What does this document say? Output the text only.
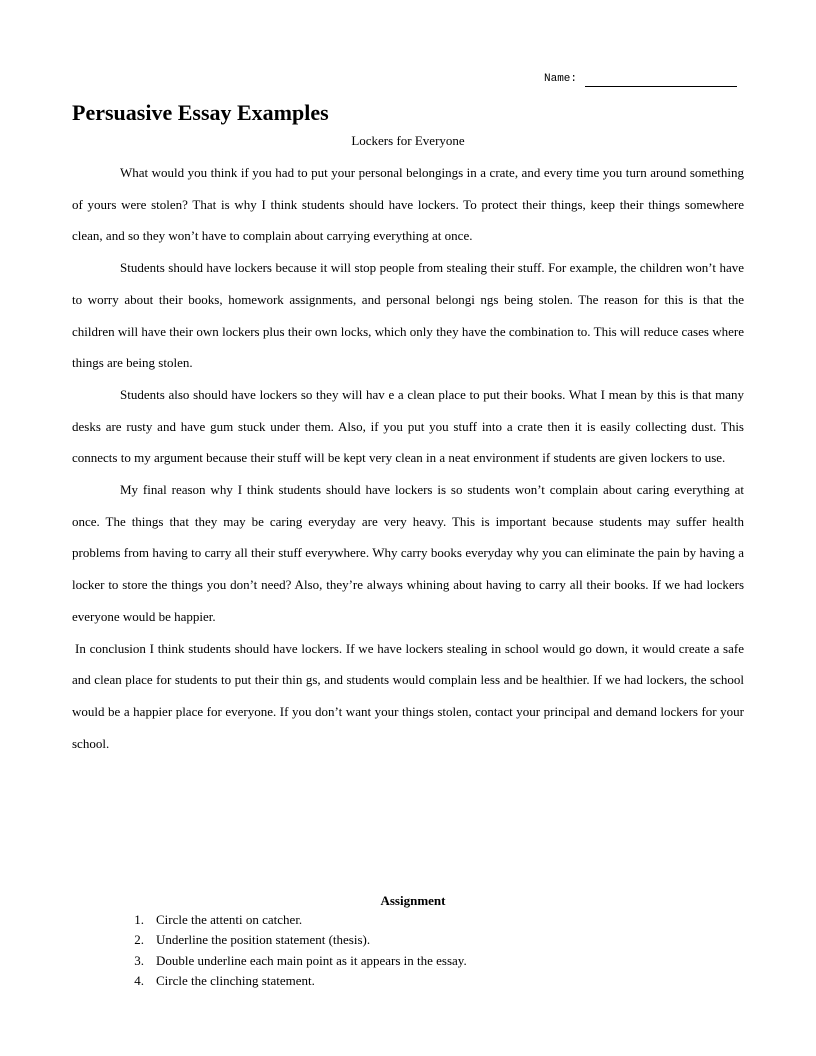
Name:
Persuasive Essay Examples
Lockers for Everyone

What would you think if you had to put your personal belongings in a crate, and every time you turn around something of yours were stolen? That is why I think students should have lockers. To protect their things, keep their things somewhere clean, and so they won’t have to complain about carrying everything at once.

Students should have lockers because it will stop people from stealing their stuff. For example, the children won’t have to worry about their books, homework assignments, and personal belongi ngs being stolen. The reason for this is that the children will have their own lockers plus their own locks, which only they have the combination to. This will reduce cases where things are being stolen.

Students also should have lockers so they will hav e a clean place to put their books. What I mean by this is that many desks are rusty and have gum stuck under them. Also, if you put you stuff into a crate then it is easily collecting dust. This connects to my argument because their stuff will be kept very clean in a neat environment if students are given lockers to use.

My final reason why I think students should have lockers is so students won’t complain about caring everything at once. The things that they may be caring everyday are very heavy. This is important because students may suffer health problems from having to carry all their stuff everywhere. Why carry books everyday why you can eliminate the pain by having a locker to store the things you don’t need? Also, they’re always whining about having to carry all their books. If we had lockers everyone would be happier.

In conclusion I think students should have lockers. If we have lockers stealing in school would go down, it would create a safe and clean place for students to put their thin gs, and students would complain less and be healthier. If we had lockers, the school would be a happier place for everyone. If you don’t want your things stolen, contact your principal and demand lockers for your school.

Assignment
1. Circle the attenti on catcher.
2. Underline the position statement (thesis).
3. Double underline each main point as it appears in the essay.
4. Circle the clinching statement.
